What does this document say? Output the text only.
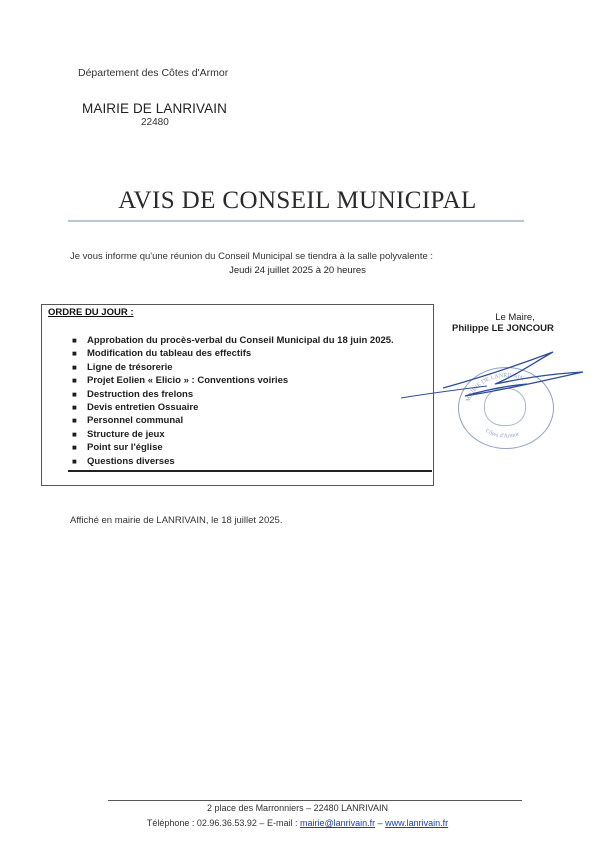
Département des Côtes d'Armor
MAIRIE DE LANRIVAIN
22480
AVIS DE CONSEIL MUNICIPAL
Je vous informe qu'une réunion du Conseil Municipal se tiendra à la salle polyvalente :
Jeudi 24 juillet 2025 à 20 heures
ORDRE DU JOUR :
■ Approbation du procès-verbal du Conseil Municipal du 18 juin 2025.
■ Modification du tableau des effectifs
■ Ligne de trésorerie
■ Projet Eolien « Elicio » : Conventions voiries
■ Destruction des frelons
■ Devis entretien Ossuaire
■ Personnel communal
■ Structure de jeux
■ Point sur l'église
■ Questions diverses
Le Maire,
Philippe LE JONCOUR
MAIRIE DE LANRIVAIN
Côtes d'Armor
Affiché en mairie de LANRIVAIN, le 18 juillet 2025.
2 place des Marronniers – 22480 LANRIVAIN
Téléphone : 02.96.36.53.92 – E-mail : mairie@lanrivain.fr – www.lanrivain.fr
